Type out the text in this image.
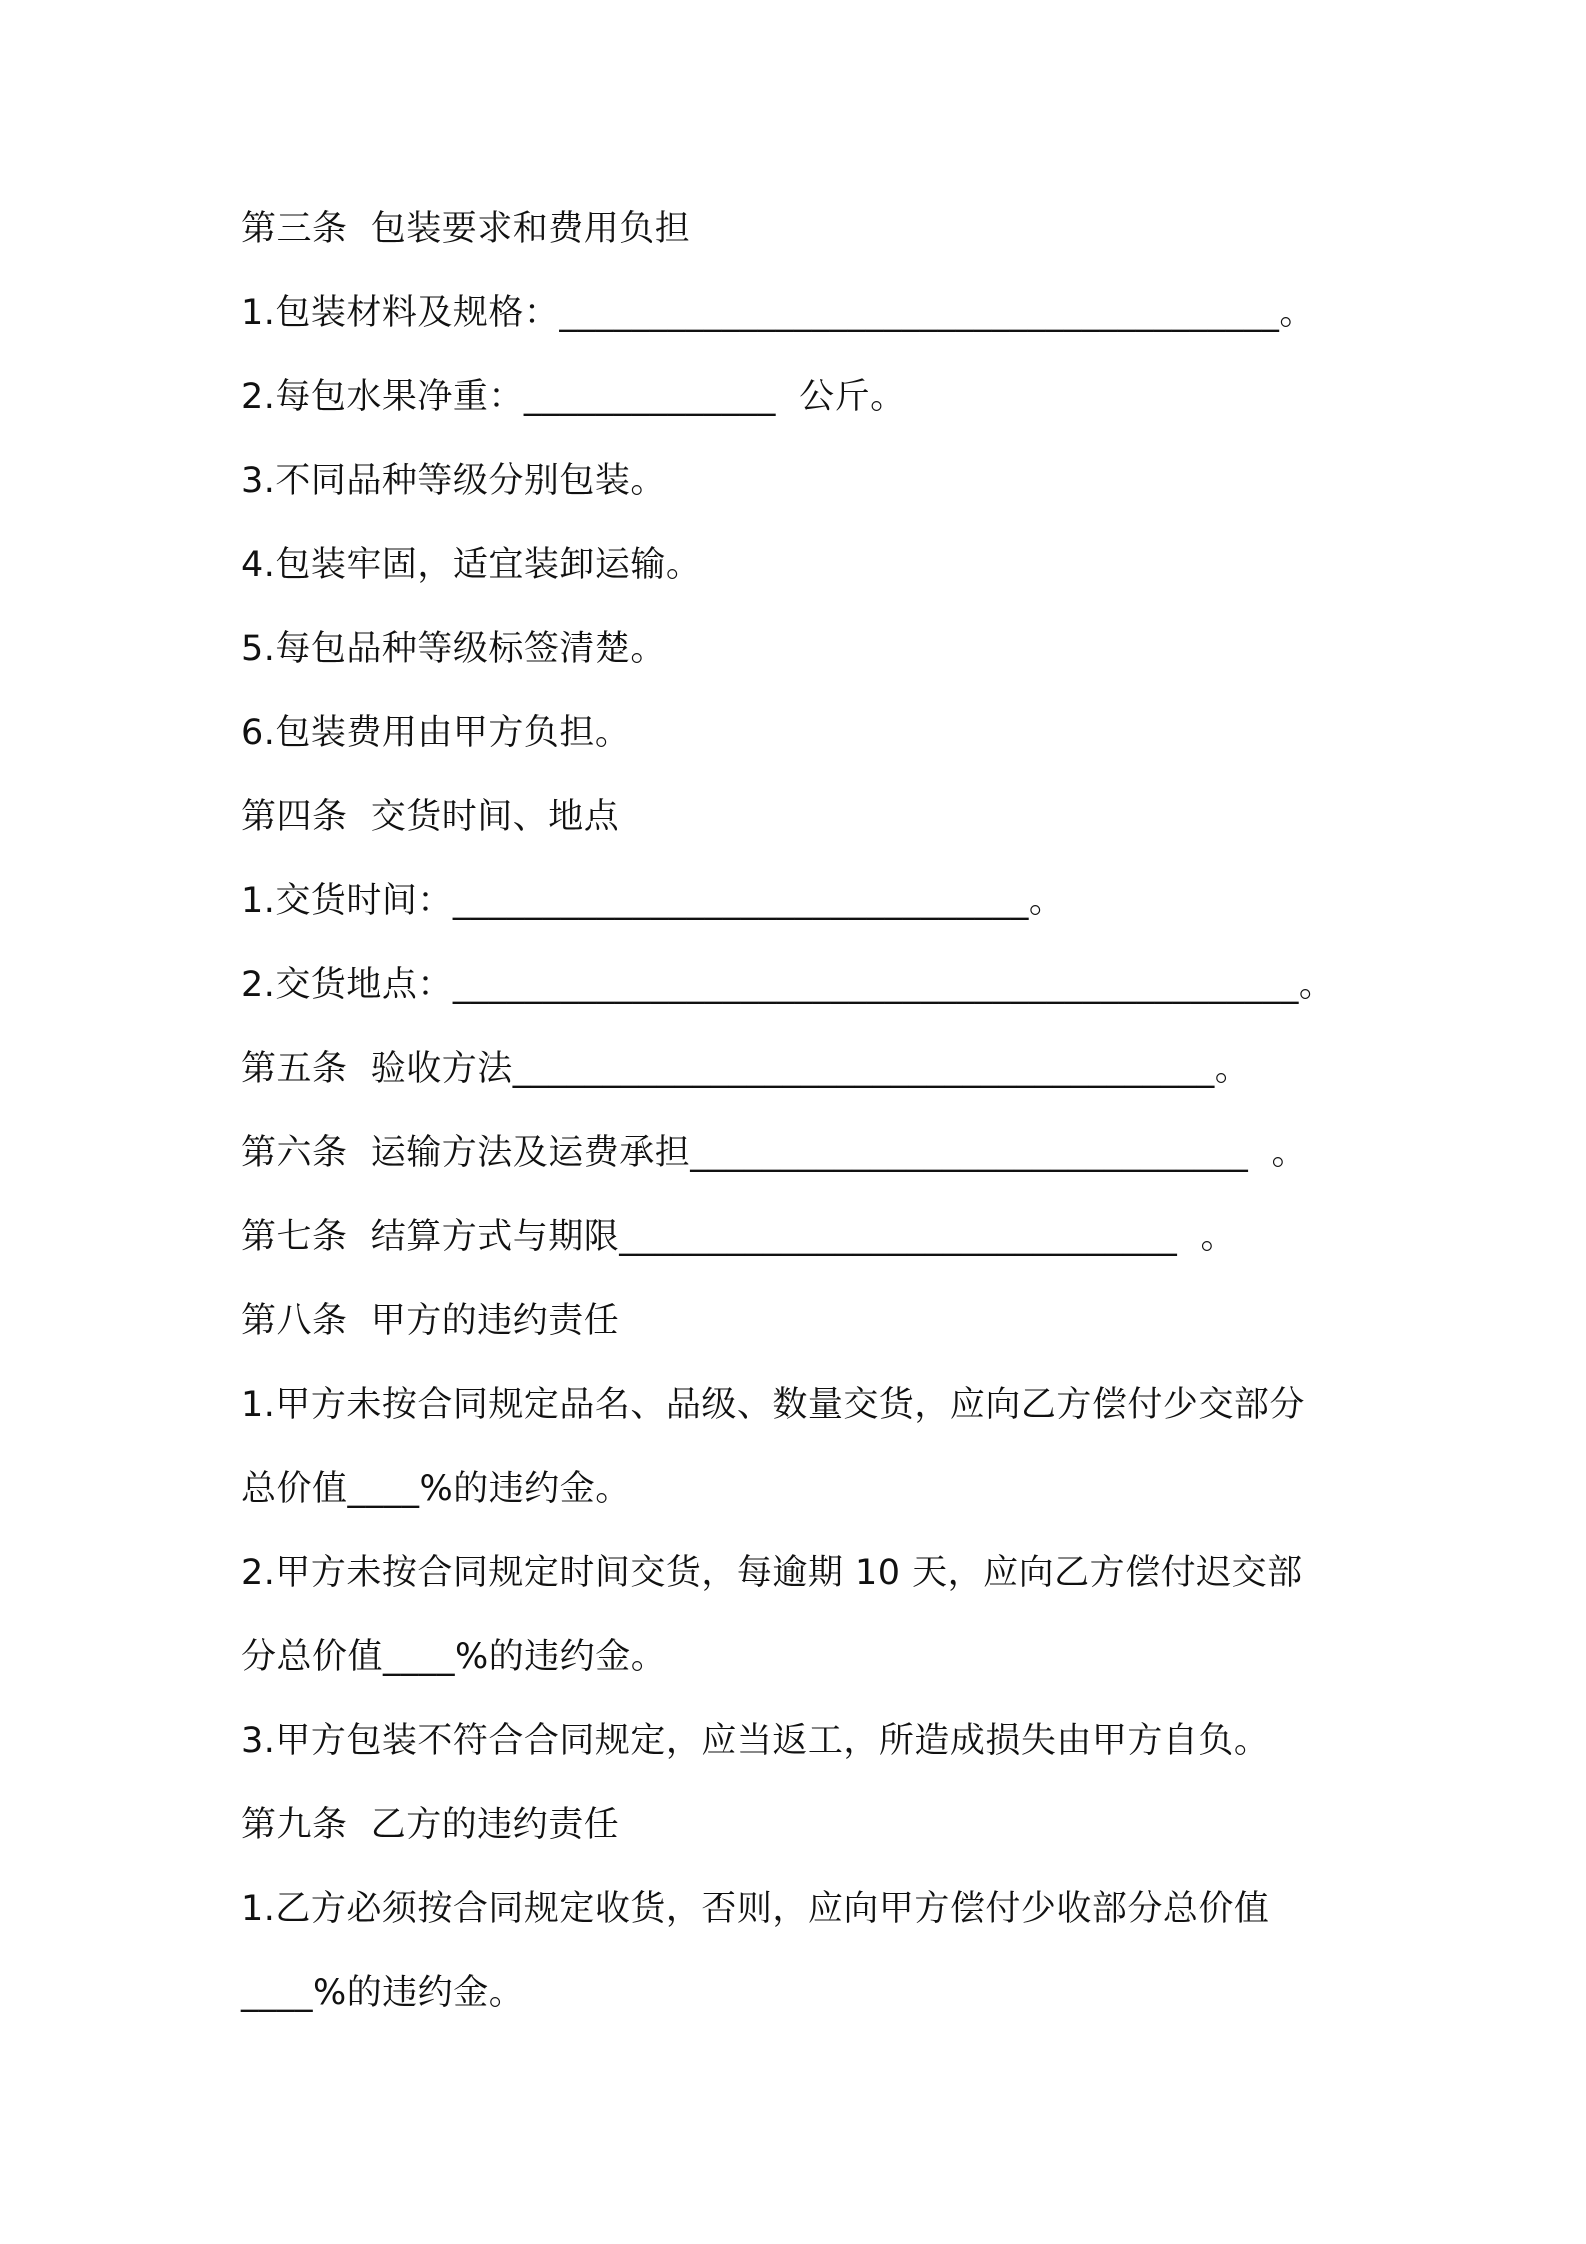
第三条  包装要求和费用负担
1.包装材料及规格：________________________________________。
2.每包水果净重：______________  公斤。
3.不同品种等级分别包装。
4.包装牢固，适宜装卸运输。
5.每包品种等级标签清楚。
6.包装费用由甲方负担。
第四条  交货时间、地点
1.交货时间：________________________________。
2.交货地点：_______________________________________________。
第五条  验收方法_______________________________________。
第六条  运输方法及运费承担_______________________________  。
第七条  结算方式与期限_______________________________  。
第八条  甲方的违约责任
1.甲方未按合同规定品名、品级、数量交货，应向乙方偿付少交部分
总价值____%的违约金。
2.甲方未按合同规定时间交货，每逾期 10 天，应向乙方偿付迟交部
分总价值____%的违约金。
3.甲方包装不符合合同规定，应当返工，所造成损失由甲方自负。
第九条  乙方的违约责任
1.乙方必须按合同规定收货，否则，应向甲方偿付少收部分总价值
____%的违约金。
